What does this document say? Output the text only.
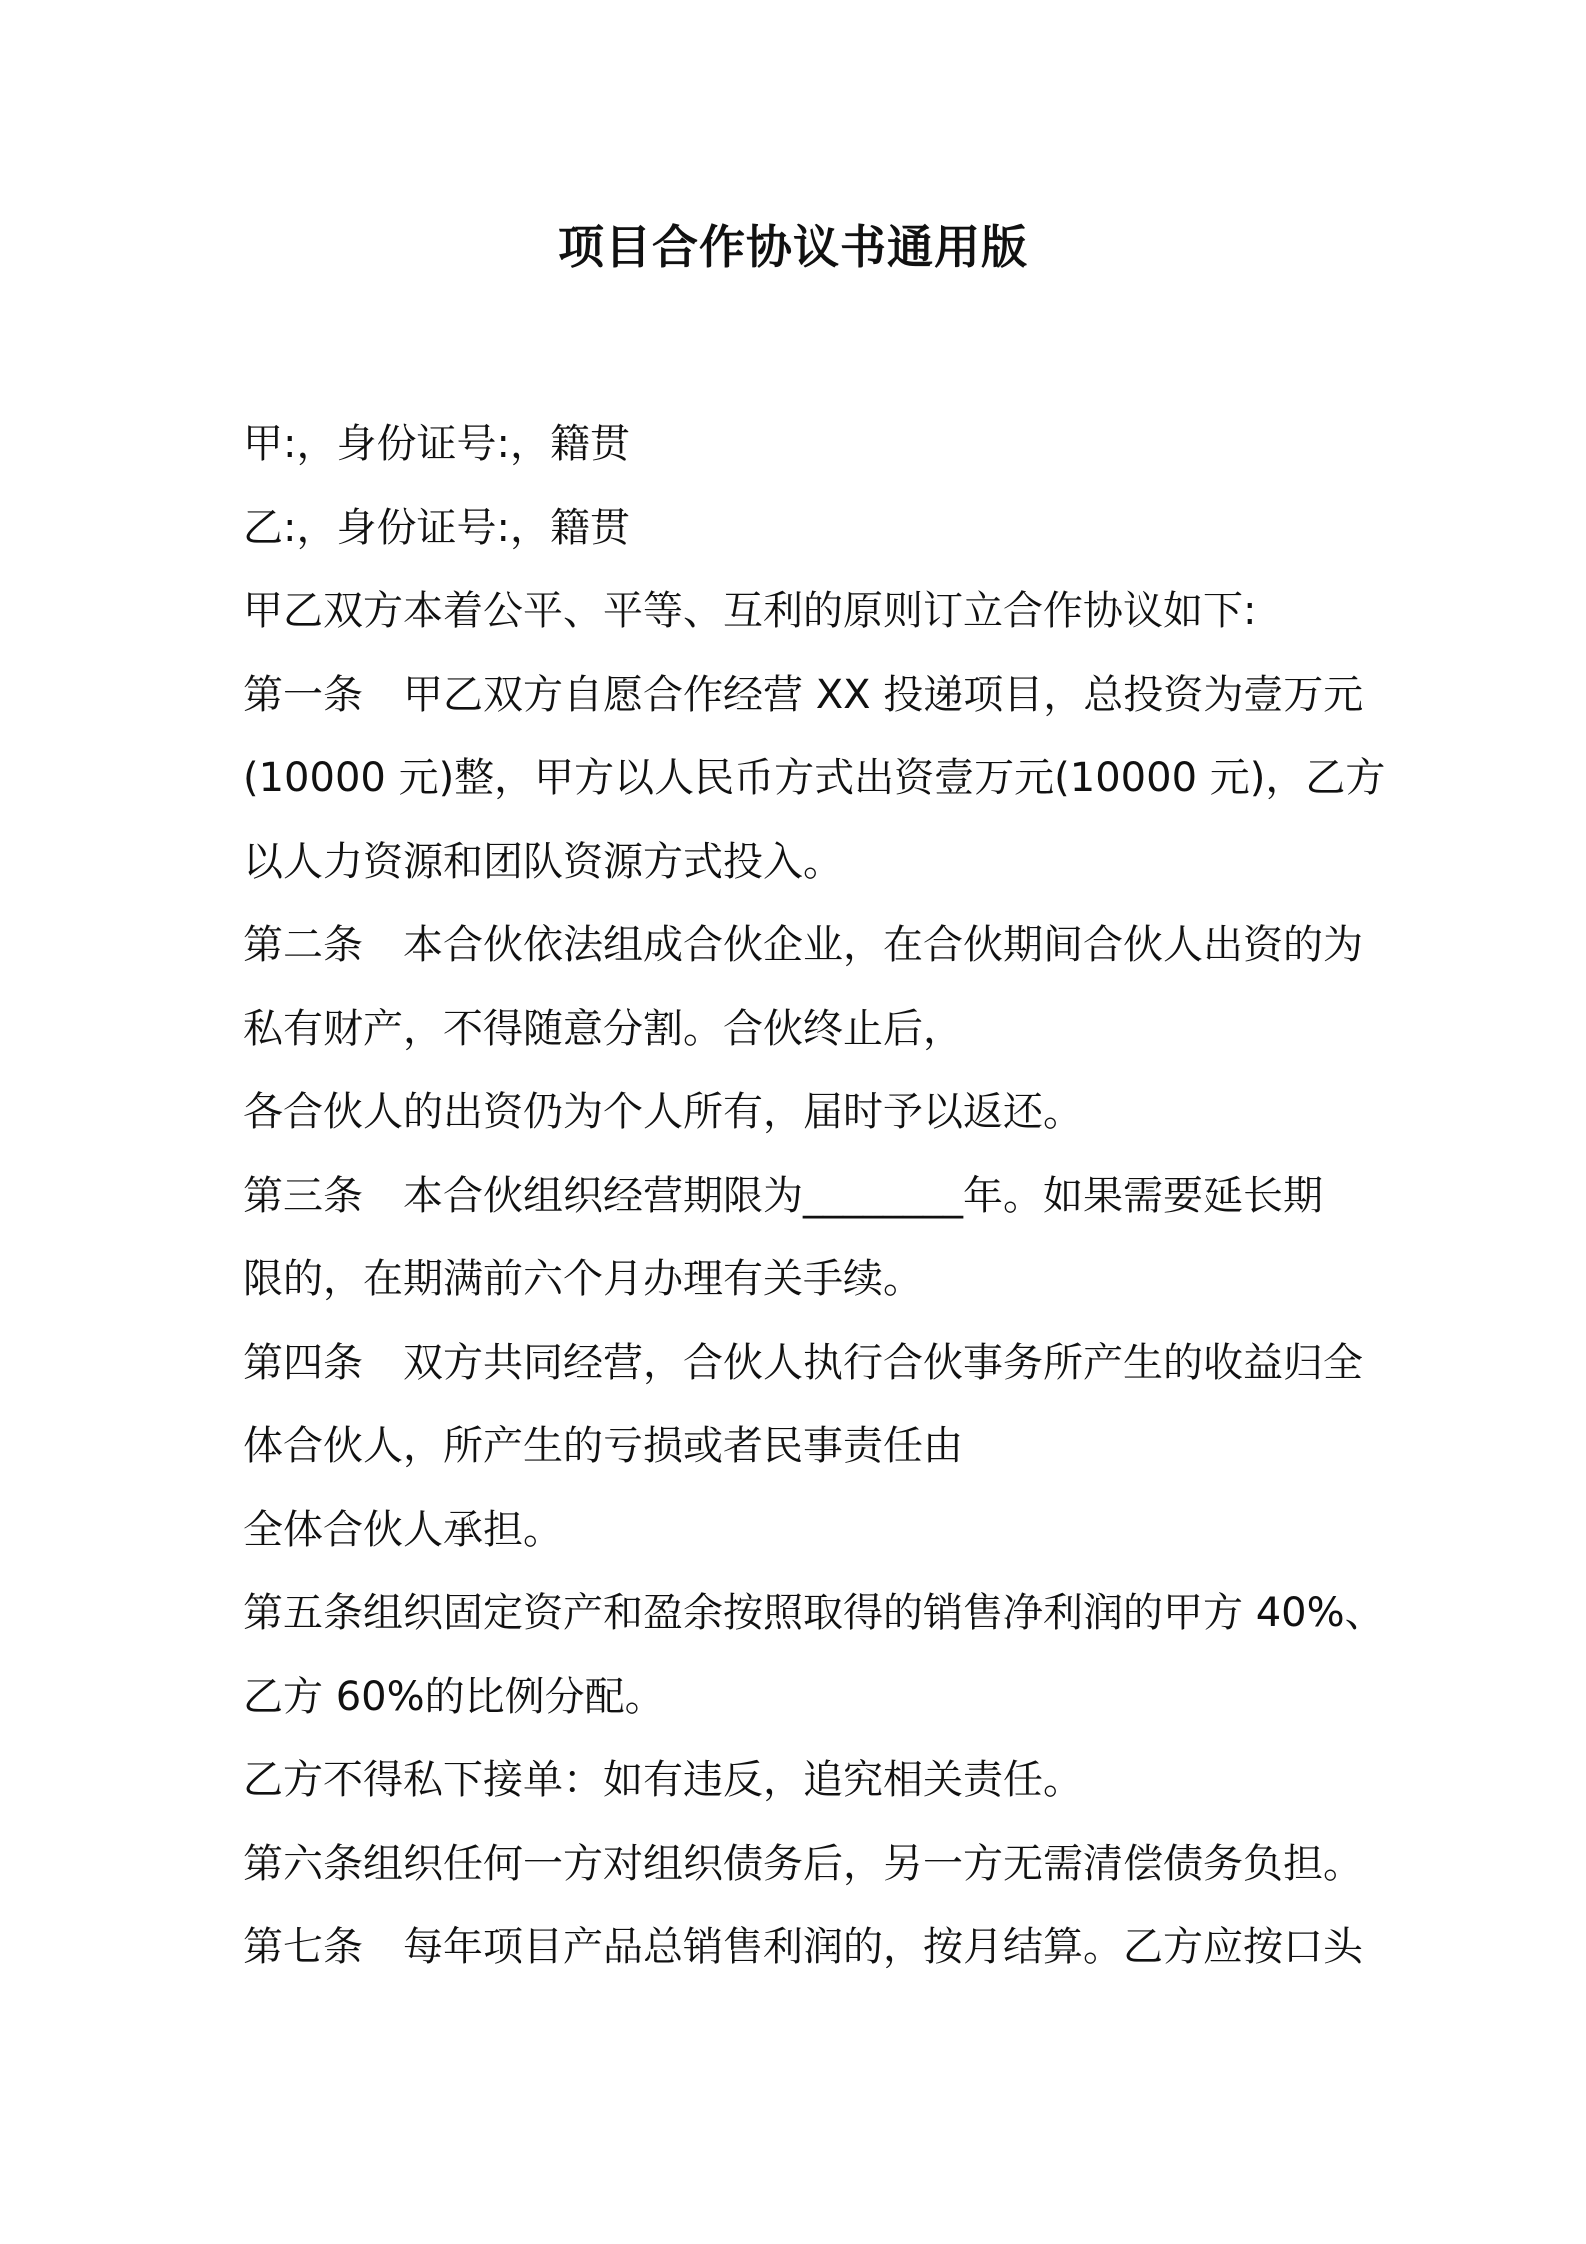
项目合作协议书通用版
甲:，身份证号:，籍贯
乙:，身份证号:，籍贯
甲乙双方本着公平、平等、互利的原则订立合作协议如下:
第一条　甲乙双方自愿合作经营 XX 投递项目，总投资为壹万元
(10000 元)整，甲方以人民币方式出资壹万元(10000 元)，乙方
以人力资源和团队资源方式投入。
第二条　本合伙依法组成合伙企业，在合伙期间合伙人出资的为
私有财产，不得随意分割。合伙终止后，
各合伙人的出资仍为个人所有，届时予以返还。
第三条　本合伙组织经营期限为________年。如果需要延长期
限的，在期满前六个月办理有关手续。
第四条　双方共同经营，合伙人执行合伙事务所产生的收益归全
体合伙人，所产生的亏损或者民事责任由
全体合伙人承担。
第五条组织固定资产和盈余按照取得的销售净利润的甲方 40%、
乙方 60%的比例分配。
乙方不得私下接单：如有违反，追究相关责任。
第六条组织任何一方对组织债务后，另一方无需清偿债务负担。
第七条　每年项目产品总销售利润的，按月结算。乙方应按口头
